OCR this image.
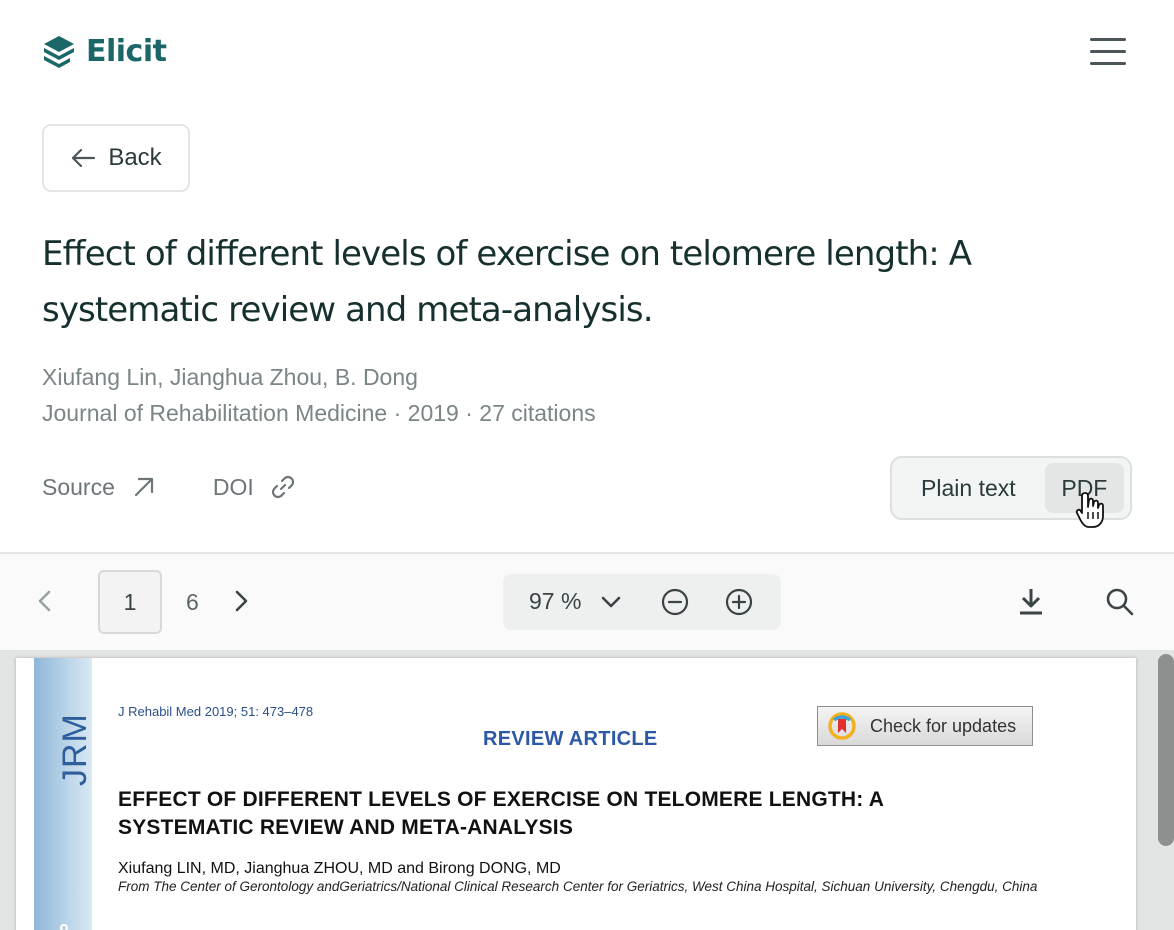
Elicit
Back
Effect of different levels of exercise on telomere length: A systematic review and meta-analysis.
Xiufang Lin, Jianghua Zhou, B. Dong
Journal of Rehabilitation Medicine · 2019 · 27 citations
Source	DOI	Plain text	PDF
1	6	97 %
JRM
J Rehabil Med 2019; 51: 473–478
REVIEW ARTICLE
Check for updates
EFFECT OF DIFFERENT LEVELS OF EXERCISE ON TELOMERE LENGTH: A
SYSTEMATIC REVIEW AND META-ANALYSIS
Xiufang LIN, MD, Jianghua ZHOU, MD and Birong DONG, MD
From The Center of Gerontology andGeriatrics/National Clinical Research Center for Geriatrics, West China Hospital, Sichuan University, Chengdu, China
